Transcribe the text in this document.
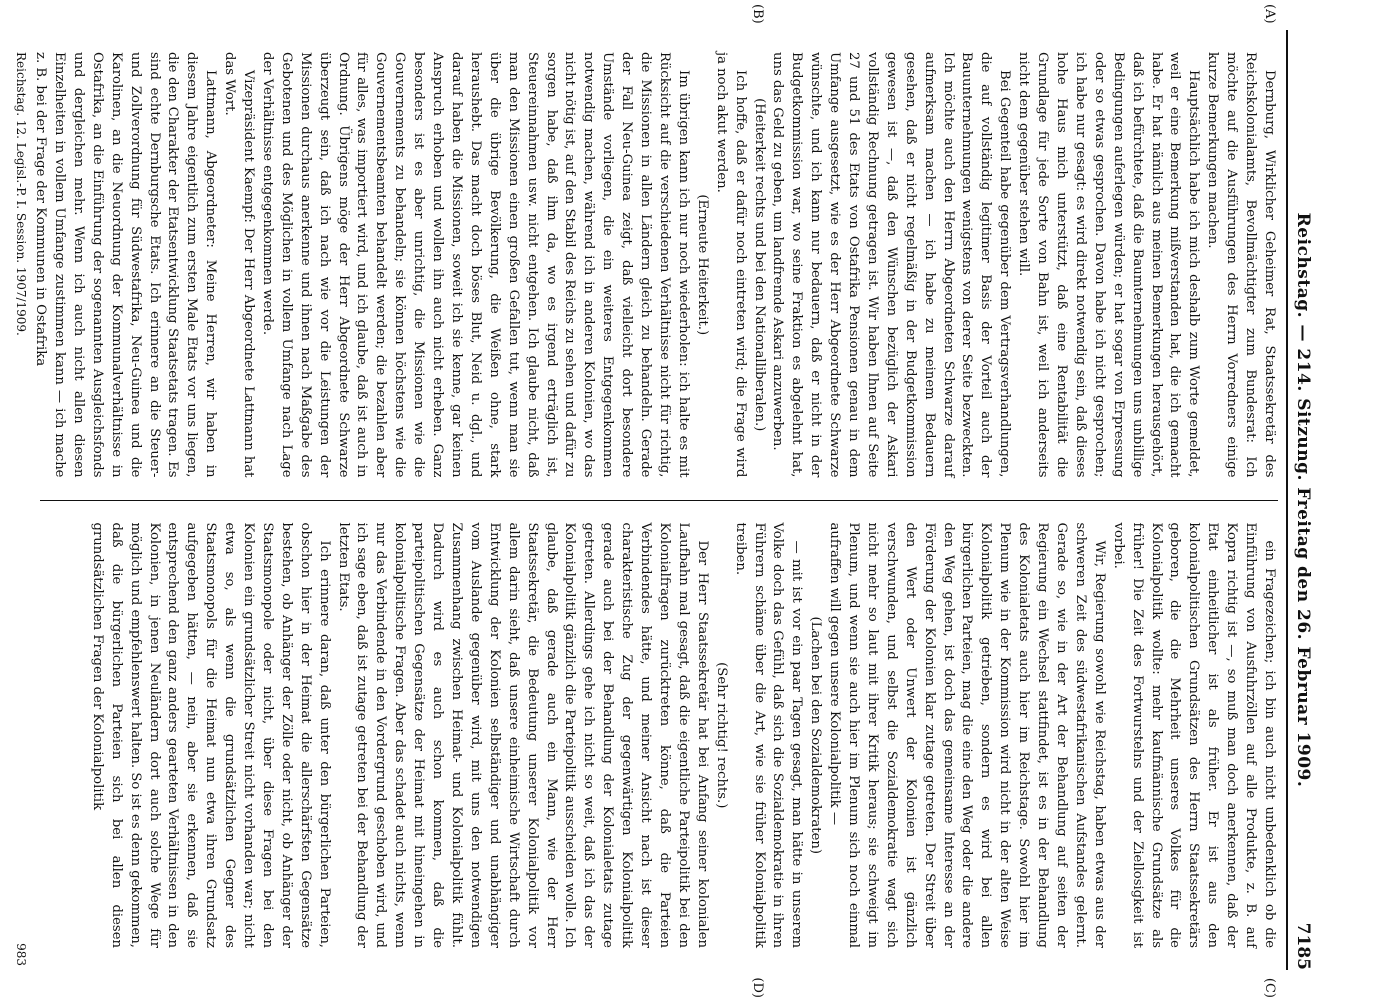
Reichstag. — 214. Sitzung. Freitag den 26. Februar 1909.
7185
(A)
(B)

Dernburg, Wirklicher Geheimer Rat, Staatssekretär des Reichskolonialamts, Bevollmächtigter zum Bundesrat: Ich möchte auf die Ausführungen des Herrn Vorredners einige kurze Bemerkungen machen.

Hauptsächlich habe ich mich deshalb zum Worte gemeldet, weil er eine Bemerkung mißverstanden hat, die ich gemacht habe. Er hat nämlich aus meinen Bemerkungen herausgehört, daß ich befürchtete, daß die Baumternehmungen uns unbillige Bedingungen auferlegen würden; er hat sogar von Erpressung oder so etwas gesprochen. Davon habe ich nicht gesprochen; ich habe nur gesagt: es wird direkt notwendig sein, daß dieses hohe Haus mich unterstützt, daß eine Rentabilität die Grundlage für jede Sorte von Bahn ist, weil ich anderseits nicht dem gegenüber stehen will.

Bei Gegenteil habe gegenüber dem Vertragsverhandlungen, die auf vollständig legitimer Basis der Vorteil auch der Bauunternehmungen wenigstens von derer Seite bezweckten. Ich möchte auch den Herrn Abgeordneten Schwarze darauf aufmerksam machen — ich habe zu meinem Bedauern gesehen, daß er nicht regelmäßig in der Budgetkommission gewesen ist —, daß den Wünschen bezüglich der Askari vollständig Rechnung getragen ist. Wir haben Ihnen auf Seite 27 und 51 des Etats von Ostafrika Pensionen genau in dem Umfange ausgesetzt, wie es der Herr Abgeordnete Schwarze wünschte, und ich kann nur bedauern, daß er nicht in der Budgetkommission war, wo seine Fraktion es abgelehnt hat, uns das Geld zu geben, um landfremde Askari anzuwerben.

(Heiterkeit rechts und bei den Nationalliberalen.)

Ich hoffe, daß er dafür noch eintreten wird; die Frage wird ja noch akut werden.

(Erneute Heiterkeit.)

Im übrigen kann ich nur noch wiederholen: ich halte es mit Rücksicht auf die verschiedenen Verhältnisse nicht für richtig, die Missionen in allen Ländern gleich zu behandeln. Gerade der Fall Neu-Guinea zeigt, daß vielleicht dort besondere Umstände vorliegen, die ein weiteres Entgegenkommen notwendig machen, während ich in anderen Kolonien, wo das nicht nötig ist, auf den Stabil des Reichs zu sehen und dafür zu sorgen habe, daß ihm da, wo es irgend erträglich ist, Steuereinnahmen usw. nicht entgehen. Ich glaube nicht, daß man den Missionen einen großen Gefallen tut, wenn man sie über die übrige Bevölkerung, die Weißen ohne, stark heraushebt. Das macht doch böses Blut, Neid u. dgl., und darauf haben die Missionen, soweit ich sie kenne, gar keinen Anspruch erhoben und wollen ihn auch nicht erheben. Ganz besonders ist es aber unrichtig, die Missionen wie die Gouvernements zu behandeln; sie können höchstens wie die Gouvernementsbeamten behandelt werden; die bezahlen aber für alles, was importiert wird, und ich glaube, daß ist auch in Ordnung. Übrigens möge der Herr Abgeordnete Schwarze überzeugt sein, daß ich nach wie vor die Leistungen der Missionen durchaus anerkenne und ihnen nach Maßgabe des Gebotenen und des Möglichen in vollem Umfange nach Lage der Verhältnisse entgegenkommen werde.

Vizepräsident Kaempf: Der Herr Abgeordnete Lattmann hat das Wort.

Lattmann, Abgeordneter: Meine Herren, wir haben in diesem Jahre eigentlich zum ersten Male Etats vor uns liegen, die den Charakter der Etatsentwicklung Staatsetats tragen. Es sind echte Dernburgsche Etats. Ich erinnere an die Steuer- und Zollverordnung für Südwestafrika, Neu-Guinea und die Karolinen, an die Neuordnung der Kommunalverhältnisse in Ostafrika, an die Einführung der sogenannten Ausgleichsfonds und dergleichen mehr. Wenn ich auch nicht allen diesen Einzelheiten in vollem Umfange zustimmen kann — ich mache z. B. bei der Frage der Kommunen in Ostafrika

Reichstag. 12. Legisl.-P. I. Session. 1907/1909.

(C)
(D)

ein Fragezeichen; ich bin auch nicht unbedenklich ob die Einführung von Ausfuhrzöllen auf alle Produkte, z. B. auf Kopra richtig ist —, so muß man doch anerkennen, daß der Etat einheitlicher ist als früher. Er ist aus den kolonialpolitischen Grundsätzen des Herrn Staatssekretärs geboren, die die Mehrheit unseres Volkes für die Kolonialpolitik wollte: mehr kaufmännische Grundsätze als früher! Die Zeit des Fortwurstelns und der Ziellosigkeit ist vorbei.

Wir, Regierung sowohl wie Reichstag, haben etwas aus der schweren Zeit des südwestafrikanischen Aufstandes gelernt. Gerade so, wie in der Art der Behandlung auf seiten der Regierung ein Wechsel stattfindet, ist es in der Behandlung des Kolonialetats auch hier im Reichstage. Sowohl hier im Plenum wie in der Kommission wird nicht in der alten Weise Kolonialpolitik getrieben, sondern es wird bei allen bürgerlichen Parteien, mag die eine den Weg oder die andere den Weg gehen, ist doch das gemeinsame Interesse an der Förderung der Kolonien klar zutage getreten. Der Streit über den Wert oder Unwert der Kolonien ist gänzlich verschwunden, und selbst die Sozialdemokratie wagt sich nicht mehr so laut mit ihrer Kritik heraus; sie schweigt im Plenum, und wenn sie auch hier im Plenum sich noch einmal aufraffen will gegen unsere Kolonialpolitik —

(Lachen bei den Sozialdemokraten)

— mit ist vor ein paar Tagen gesagt, man hätte in unserem Volke doch das Gefühl, daß sich die Sozialdemokratie in ihren Führern schäme über die Art, wie sie früher Kolonialpolitik treiben.

(Sehr richtig! rechts.)

Der Herr Staatssekretär hat bei Anfang seiner kolonialen Laufbahn mal gesagt, daß die eigentliche Parteipolitik bei den Kolonialfragen zurücktreten könne, daß die Parteien Verbindendes hätte, und meiner Ansicht nach ist dieser charakteristische Zug der gegenwärtigen Kolonialpolitik gerade auch bei der Behandlung der Kolonialetats zutage getreten. Allerdings gehe ich nicht so weit, daß ich das der Kolonialpolitik gänzlich die Parteipolitik ausscheiden wolle. Ich glaube, daß gerade auch ein Mann, wie der Herr Staatssekretär, die Bedeutung unserer Kolonialpolitik vor allem darin sieht, daß unsere einheimische Wirtschaft durch Entwicklung der Kolonien selbständiger und unabhängiger vom Auslande gegenüber wird, mit uns den notwendigen Zusammenhang zwischen Heimat- und Kolonialpolitik fühlt. Dadurch wird es auch schon kommen, daß die parteipolitischen Gegensätze der Heimat mit hineingehen in kolonialpolitische Fragen. Aber das schadet auch nichts, wenn nur das Verbindende in den Vordergrund geschoben wird, und ich sage eben, daß ist zutage getreten bei der Behandlung der letzten Etats.

Ich erinnere daran, daß unter den bürgerlichen Parteien, obschon hier in der Heimat die allerschärfsten Gegensätze bestehen, ob Anhänger der Zölle oder nicht, ob Anhänger der Staatsmonopole oder nicht, über diese Fragen bei den Kolonien ein grundsätzlicher Streit nicht vorhanden war; nicht etwa so, als wenn die grundsätzlichen Gegner des Staatsmonopols für die Heimat nun etwa ihren Grundsatz aufgegeben hätten, — nein, aber sie erkennen, daß sie entsprechend den ganz anders gearteten Verhältnissen in den Kolonien, in jenen Neuländern dort auch solche Wege für möglich und empfehlenswert halten. So ist es denn gekommen, daß die bürgerlichen Parteien sich bei allen diesen grundsätzlichen Fragen der Kolonialpolitik

983
